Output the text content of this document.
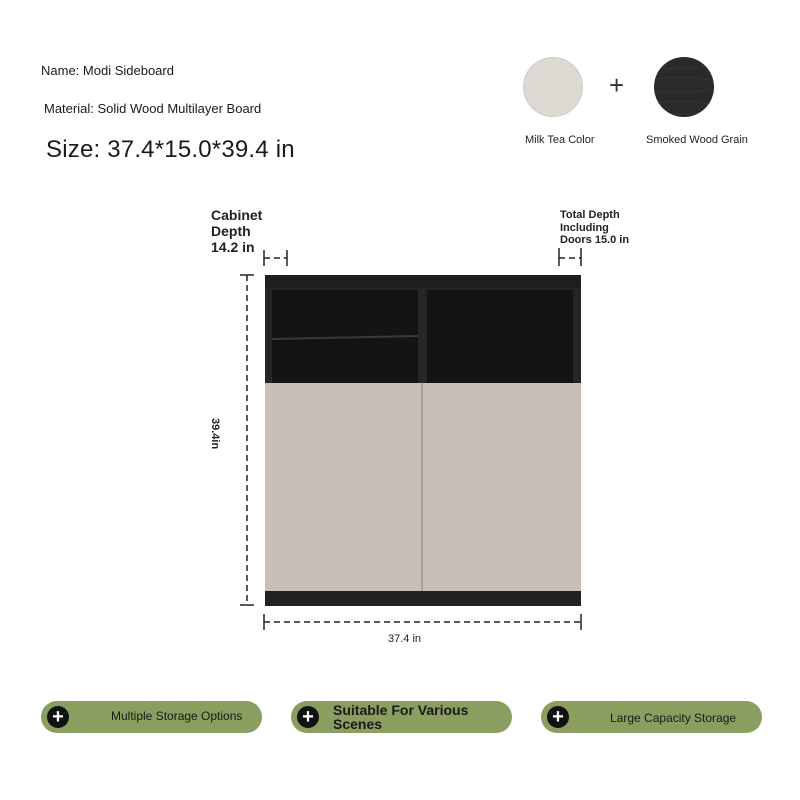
Name: Modi Sideboard
Material: Solid Wood Multilayer Board
Size: 37.4*15.0*39.4 in
+
Milk Tea Color	Smoked Wood Grain
Cabinet Depth
14.2 in
Total Depth Including Doors 15.0 in
39.4in
37.4 in
+	Multiple Storage Options	+	Suitable For Various Scenes	+	Large Capacity Storage
